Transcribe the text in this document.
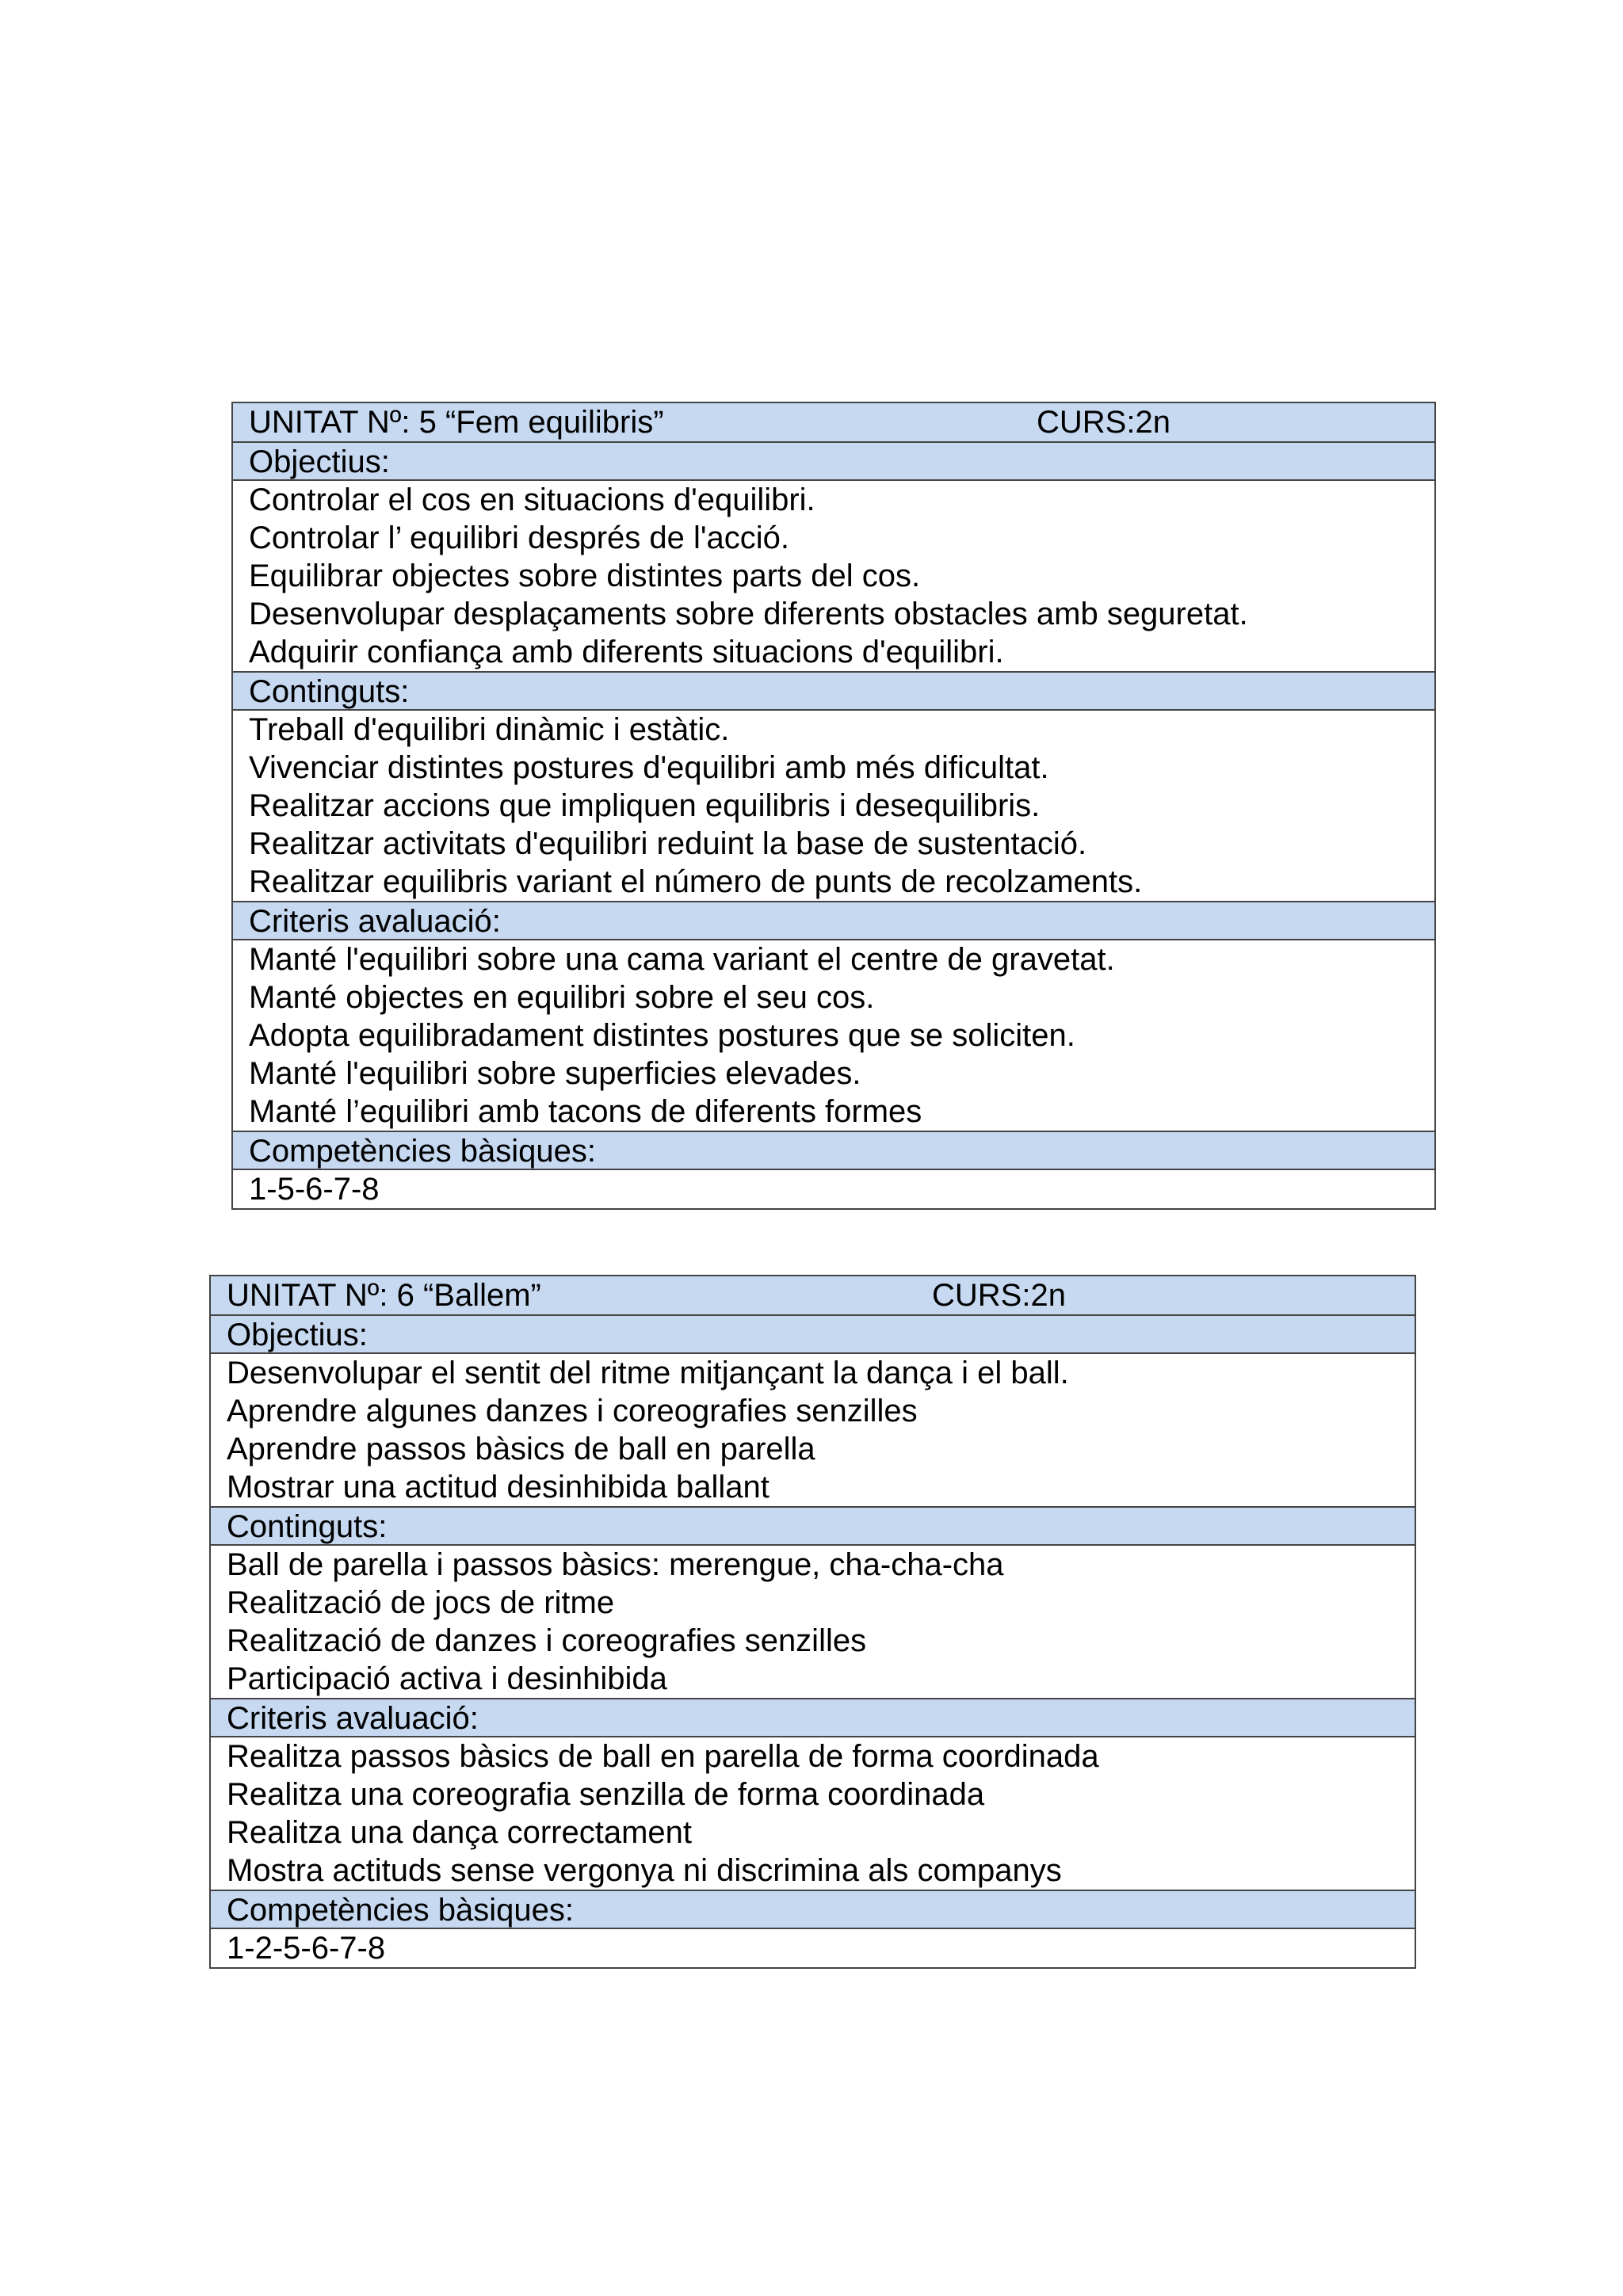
UNITAT Nº: 5 “Fem equilibris”	CURS:2n
Objectius:
Controlar el cos en situacions d'equilibri.
Controlar l’ equilibri després de l'acció.
Equilibrar objectes sobre distintes parts del cos.
Desenvolupar desplaçaments sobre diferents obstacles amb seguretat.
Adquirir confiança amb diferents situacions d'equilibri.
Continguts:
Treball d'equilibri dinàmic i estàtic.
Vivenciar distintes postures d'equilibri amb més dificultat.
Realitzar accions que impliquen equilibris i desequilibris.
Realitzar activitats d'equilibri reduint la base de sustentació.
Realitzar equilibris variant el número de punts de recolzaments.
Criteris avaluació:
Manté l'equilibri sobre una cama variant el centre de gravetat.
Manté objectes en equilibri sobre el seu cos.
Adopta equilibradament distintes postures que se soliciten.
Manté l'equilibri sobre superficies elevades.
Manté l’equilibri amb tacons de diferents formes
Competències bàsiques:
1-5-6-7-8
UNITAT Nº: 6 “Ballem”	CURS:2n
Objectius:
Desenvolupar el sentit del ritme mitjançant la dança i el ball.
Aprendre algunes danzes i coreografies senzilles
Aprendre passos bàsics de ball en parella
Mostrar una actitud desinhibida ballant
Continguts:
Ball de parella i passos bàsics: merengue, cha-cha-cha
Realització de jocs de ritme
Realització de danzes i coreografies senzilles
Participació activa i desinhibida
Criteris avaluació:
Realitza passos bàsics de ball en parella de forma coordinada
Realitza una coreografia senzilla de forma coordinada
Realitza una dança correctament
Mostra actituds sense vergonya ni discrimina als companys
Competències bàsiques:
1-2-5-6-7-8
